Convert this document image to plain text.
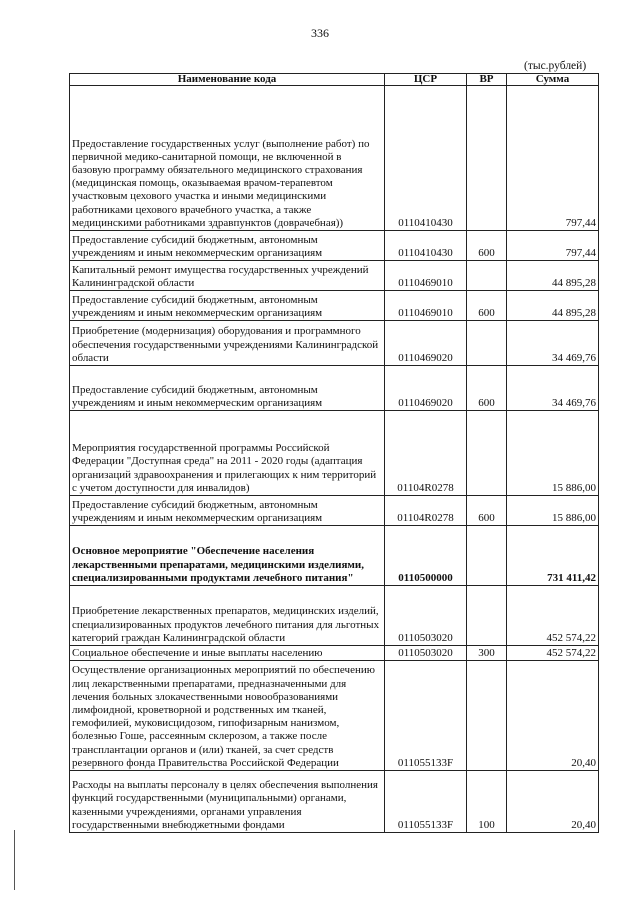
336
(тыс.рублей)
Наименование кода	ЦСР	ВР	Сумма
Предоставление государственных услуг (выполнение работ) по первичной медико-санитарной помощи, не включенной в базовую программу обязательного медицинского страхования (медицинская помощь, оказываемая врачом-терапевтом участковым цехового участка и иными медицинскими работниками цехового врачебного участка, а также медицинскими работниками здравпунктов (доврачебная))	0110410430		797,44
Предоставление субсидий бюджетным, автономным учреждениям и иным некоммерческим организациям	0110410430	600	797,44
Капитальный ремонт имущества государственных учреждений Калининградской области	0110469010		44 895,28
Предоставление субсидий бюджетным, автономным учреждениям и иным некоммерческим организациям	0110469010	600	44 895,28
Приобретение (модернизация) оборудования и программного обеспечения государственными учреждениями Калининградской области	0110469020		34 469,76
Предоставление субсидий бюджетным, автономным учреждениям и иным некоммерческим организациям	0110469020	600	34 469,76
Мероприятия государственной программы Российской Федерации "Доступная среда" на 2011 - 2020 годы (адаптация организаций здравоохранения и прилегающих к ним территорий с учетом доступности для инвалидов)	01104R0278		15 886,00
Предоставление субсидий бюджетным, автономным учреждениям и иным некоммерческим организациям	01104R0278	600	15 886,00
Основное мероприятие "Обеспечение населения лекарственными препаратами, медицинскими изделиями, специализированными продуктами лечебного питания"	0110500000		731 411,42
Приобретение лекарственных препаратов, медицинских изделий, специализированных продуктов лечебного питания для льготных категорий граждан Калининградской области	0110503020		452 574,22
Социальное обеспечение и иные выплаты населению	0110503020	300	452 574,22
Осуществление организационных мероприятий по обеспечению лиц лекарственными препаратами, предназначенными для лечения больных злокачественными новообразованиями лимфоидной, кроветворной и родственных им тканей, гемофилией, муковисцидозом, гипофизарным нанизмом, болезнью Гоше, рассеянным склерозом, а также после трансплантации органов и (или) тканей, за счет средств резервного фонда Правительства Российской Федерации	011055133F		20,40
Расходы на выплаты персоналу в целях обеспечения выполнения функций государственными (муниципальными) органами, казенными учреждениями, органами управления государственными внебюджетными фондами	011055133F	100	20,40
